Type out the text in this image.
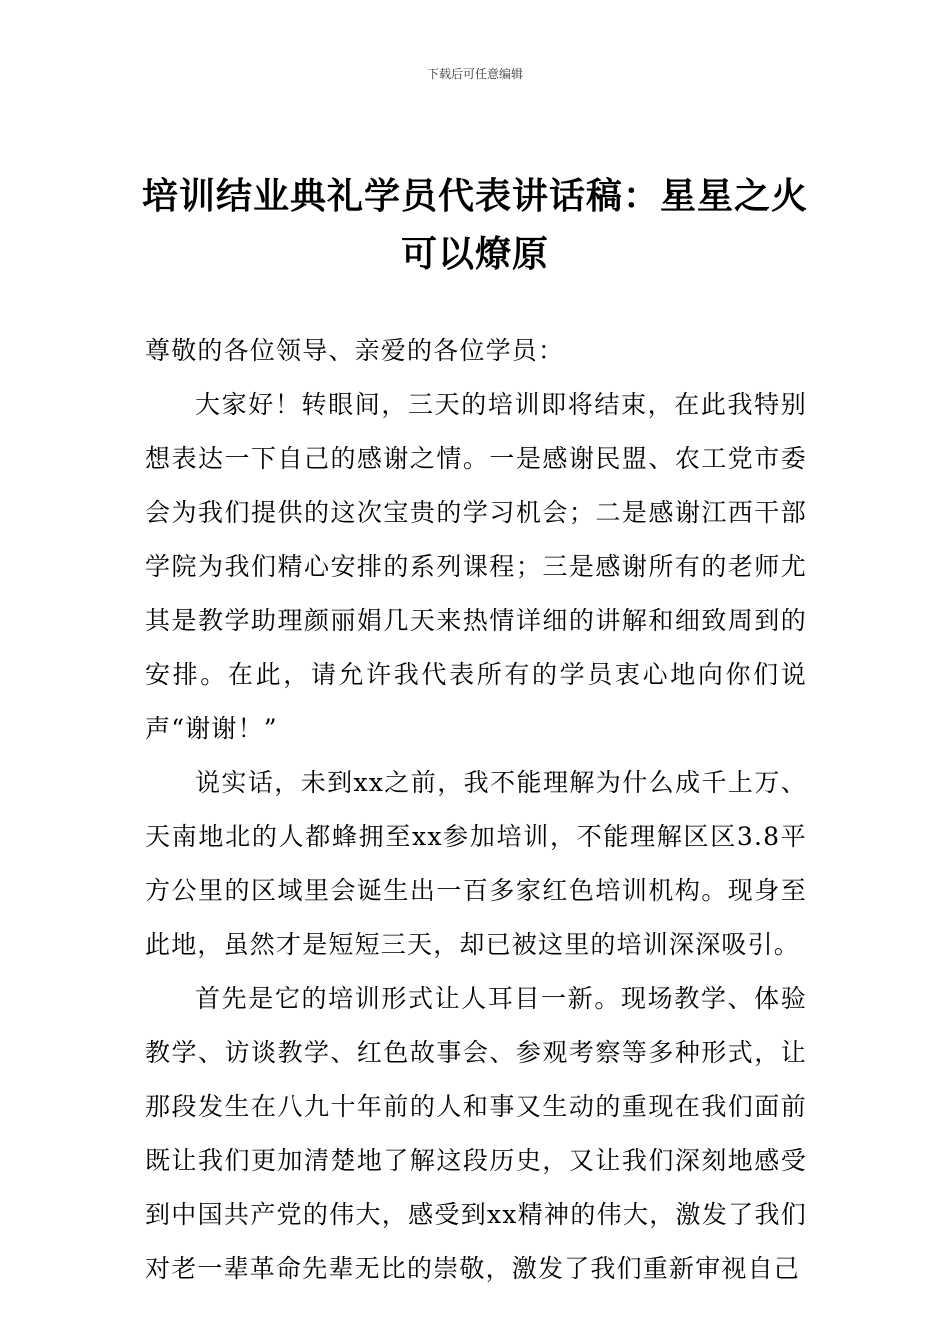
下载后可任意编辑
培训结业典礼学员代表讲话稿：星星之火可以燎原

尊敬的各位领导、亲爱的各位学员：

大家好！转眼间，三天的培训即将结束，在此我特别想表达一下自己的感谢之情。一是感谢民盟、农工党市委会为我们提供的这次宝贵的学习机会；二是感谢江西干部学院为我们精心安排的系列课程；三是感谢所有的老师尤其是教学助理颜丽娟几天来热情详细的讲解和细致周到的安排。在此，请允许我代表所有的学员衷心地向你们说声“谢谢！”

说实话，未到xx之前，我不能理解为什么成千上万、天南地北的人都蜂拥至xx参加培训，不能理解区区3.8平方公里的区域里会诞生出一百多家红色培训机构。现身至此地，虽然才是短短三天，却已被这里的培训深深吸引。

首先是它的培训形式让人耳目一新。现场教学、体验教学、访谈教学、红色故事会、参观考察等多种形式，让那段发生在八九十年前的人和事又生动的重现在我们面前既让我们更加清楚地了解这段历史，又让我们深刻地感受到中国共产党的伟大，感受到xx精神的伟大，激发了我们对老一辈革命先辈无比的崇敬，激发了我们重新审视自己
